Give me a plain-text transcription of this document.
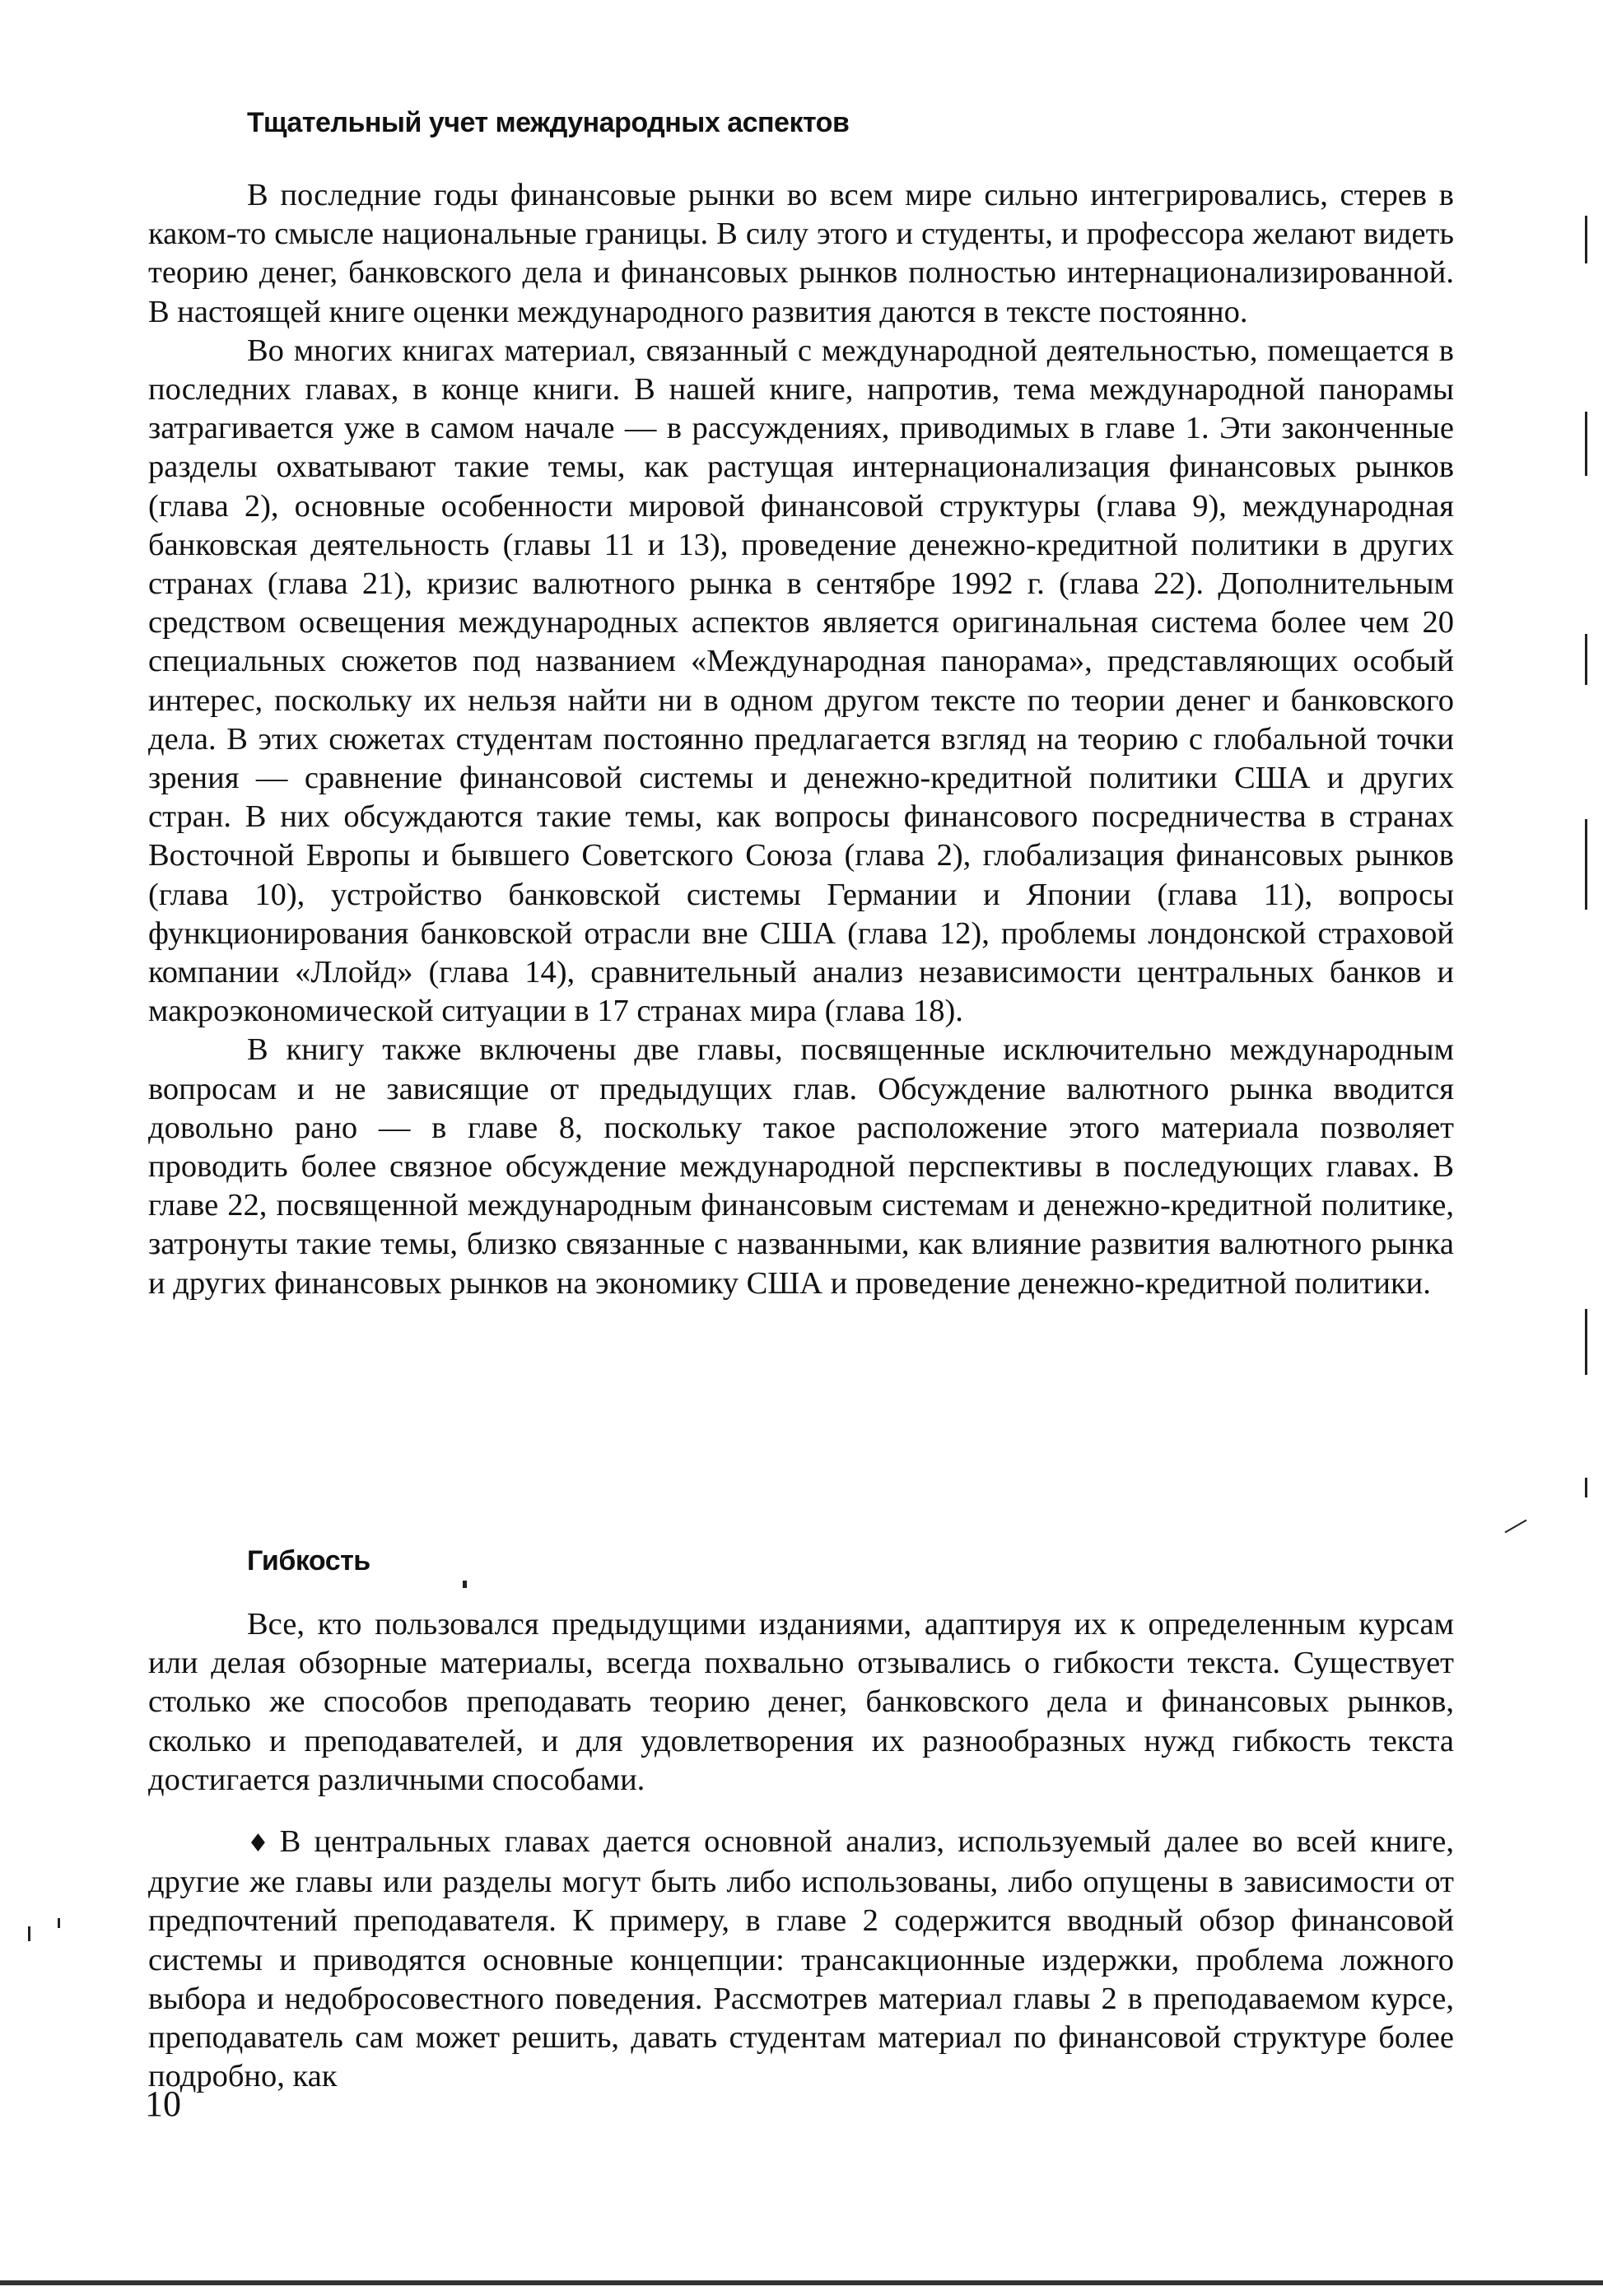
Тщательный учет международных аспектов

В последние годы финансовые рынки во всем мире сильно интегрировались, стерев в каком-то смысле национальные границы. В силу этого и студенты, и профессора желают видеть теорию денег, банковского дела и финансовых рынков полностью интернационализированной. В настоящей книге оценки международного развития даются в тексте постоянно.

Во многих книгах материал, связанный с международной деятельностью, помещается в последних главах, в конце книги. В нашей книге, напротив, тема международной панорамы затрагивается уже в самом начале — в рассуждениях, приводимых в главе 1. Эти законченные разделы охватывают такие темы, как растущая интернационализация финансовых рынков (глава 2), основные особенности мировой финансовой структуры (глава 9), международная банковская деятельность (главы 11 и 13), проведение денежно-кредитной политики в других странах (глава 21), кризис валютного рынка в сентябре 1992 г. (глава 22). Дополнительным средством освещения международных аспектов является оригинальная система более чем 20 специальных сюжетов под названием «Международная панорама», представляющих особый интерес, поскольку их нельзя найти ни в одном другом тексте по теории денег и банковского дела. В этих сюжетах студентам постоянно предлагается взгляд на теорию с глобальной точки зрения — сравнение финансовой системы и денежно-кредитной политики США и других стран. В них обсуждаются такие темы, как вопросы финансового посредничества в странах Восточной Европы и бывшего Советского Союза (глава 2), глобализация финансовых рынков (глава 10), устройство банковской системы Германии и Японии (глава 11), вопросы функционирования банковской отрасли вне США (глава 12), проблемы лондонской страховой компании «Ллойд» (глава 14), сравнительный анализ независимости центральных банков и макроэкономической ситуации в 17 странах мира (глава 18).

В книгу также включены две главы, посвященные исключительно международным вопросам и не зависящие от предыдущих глав. Обсуждение валютного рынка вводится довольно рано — в главе 8, поскольку такое расположение этого материала позволяет проводить более связное обсуждение международной перспективы в последующих главах. В главе 22, посвященной международным финансовым системам и денежно-кредитной политике, затронуты такие темы, близко связанные с названными, как влияние развития валютного рынка и других финансовых рынков на экономику США и проведение денежно-кредитной политики.

Гибкость

Все, кто пользовался предыдущими изданиями, адаптируя их к определенным курсам или делая обзорные материалы, всегда похвально отзывались о гибкости текста. Существует столько же способов преподавать теорию денег, банковского дела и финансовых рынков, сколько и преподавателей, и для удовлетворения их разнообразных нужд гибкость текста достигается различными способами.

♦ В центральных главах дается основной анализ, используемый далее во всей книге, другие же главы или разделы могут быть либо использованы, либо опущены в зависимости от предпочтений преподавателя. К примеру, в главе 2 содержится вводный обзор финансовой системы и приводятся основные концепции: трансакционные издержки, проблема ложного выбора и недобросовестного поведения. Рассмотрев материал главы 2 в преподаваемом курсе, преподаватель сам может решить, давать студентам материал по финансовой структуре более подробно, как

10
